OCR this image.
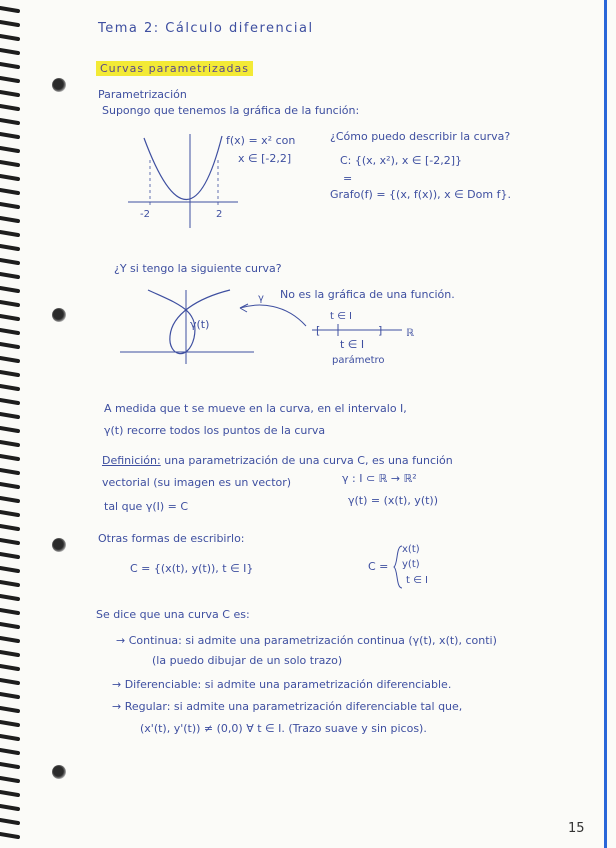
Tema 2: Cálculo diferencial
Curvas parametrizadas
Parametrización
Supongo que tenemos la gráfica de la función:
-2	2
f(x) = x² con
x ∈ [-2,2]
¿Cómo puedo describir la curva?
C: {(x, x²), x ∈ [-2,2]}
=
Grafo(f) = {(x, f(x)), x ∈ Dom f}.
¿Y si tengo la siguiente curva?
γ(t)
γ No es la gráfica de una función.
[	]
t ∈ I
ℝ
t ∈ I
parámetro
A medida que t se mueve en la curva, en el intervalo I,
γ(t) recorre todos los puntos de la curva
Definición: una parametrización de una curva C, es una función
vectorial (su imagen es un vector)	γ : I ⊂ ℝ → ℝ²
tal que γ(I) = C	γ(t) = (x(t), y(t))
Otras formas de escribirlo:
C = {(x(t), y(t)), t ∈ I}	C =
x(t)
y(t)
t ∈ I
Se dice que una curva C es:
→ Continua: si admite una parametrización continua (γ(t), x(t), conti)
(la puedo dibujar de un solo trazo)
→ Diferenciable: si admite una parametrización diferenciable.
→ Regular: si admite una parametrización diferenciable tal que,
(x'(t), y'(t)) ≠ (0,0) ∀ t ∈ I. (Trazo suave y sin picos).
15
